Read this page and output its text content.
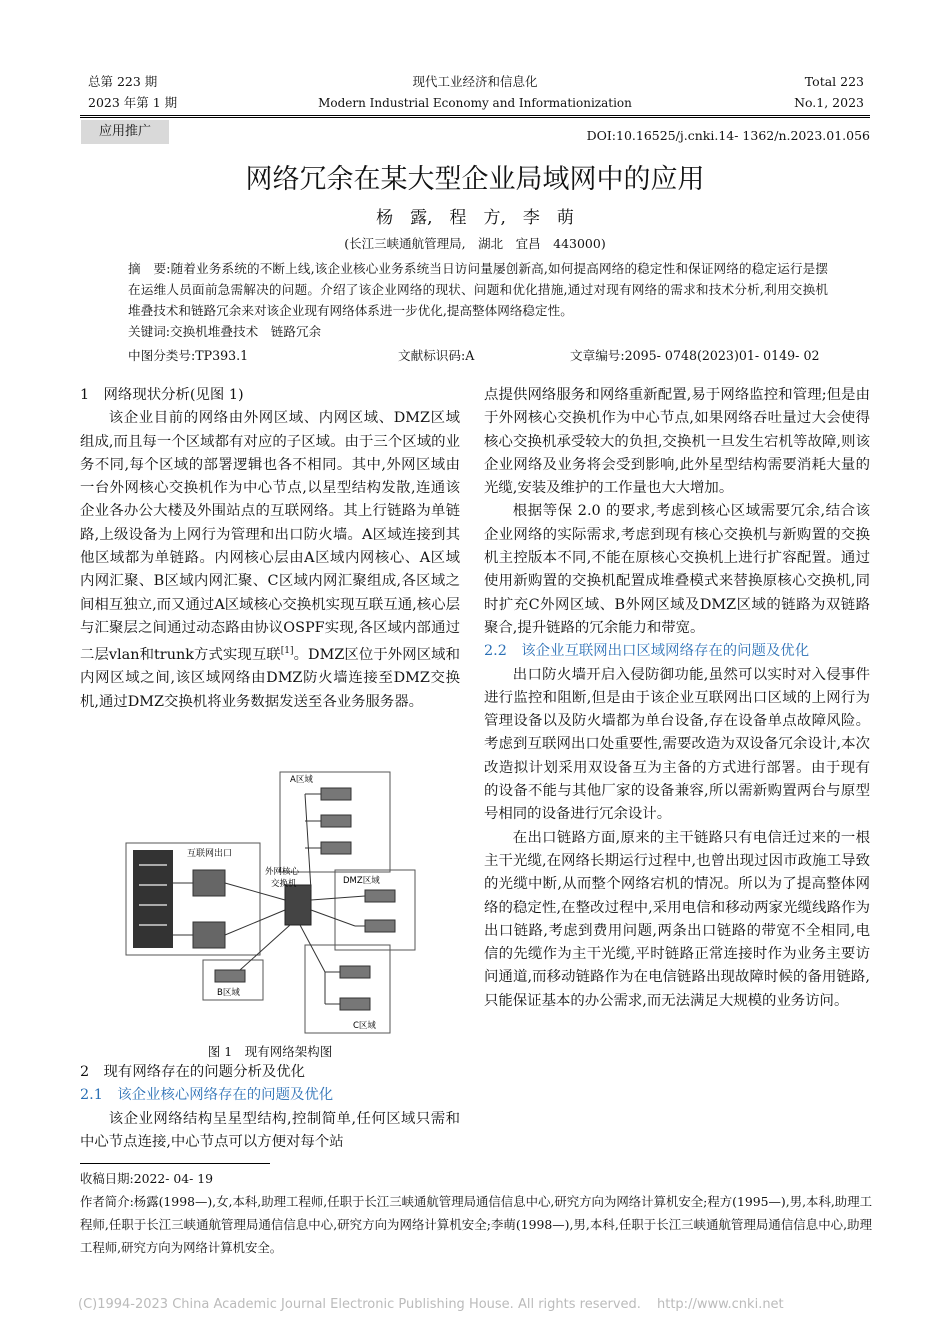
总第 223 期
2023 年第 1 期
现代工业经济和信息化
Modern Industrial Economy and Informationization
Total 223
No.1, 2023
应用推广	DOI:10.16525/j.cnki.14- 1362/n.2023.01.056
网络冗余在某大型企业局域网中的应用
杨　露,　程　方,　李　萌
(长江三峡通航管理局,　湖北　宜昌　443000)
摘　要:随着业务系统的不断上线,该企业核心业务系统当日访问量屡创新高,如何提高网络的稳定性和保证网络的稳定运行是摆在运维人员面前急需解决的问题。介绍了该企业网络的现状、问题和优化措施,通过对现有网络的需求和技术分析,利用交换机堆叠技术和链路冗余来对该企业现有网络体系进一步优化,提高整体网络稳定性。
关键词:交换机堆叠技术　链路冗余
中图分类号:TP393.1	文献标识码:A	文章编号:2095- 0748(2023)01- 0149- 02

1　网络现状分析(见图 1)

该企业目前的网络由外网区域、内网区域、DMZ区域组成,而且每一个区域都有对应的子区域。由于三个区域的业务不同,每个区域的部署逻辑也各不相同。其中,外网区域由一台外网核心交换机作为中心节点,以星型结构发散,连通该企业各办公大楼及外围站点的互联网络。其上行链路为单链路,上级设备为上网行为管理和出口防火墙。A区域连接到其他区域都为单链路。内网核心层由A区域内网核心、A区域内网汇聚、B区域内网汇聚、C区域内网汇聚组成,各区域之间相互独立,而又通过A区域核心交换机实现互联互通,核心层与汇聚层之间通过动态路由协议OSPF实现,各区域内部通过二层vlan和trunk方式实现互联[1]。DMZ区位于外网区域和内网区域之间,该区域网络由DMZ防火墙连接至DMZ交换机,通过DMZ交换机将业务数据发送至各业务服务器。

互联网出口
外网核心
交换机
A区域
DMZ区域
B区域
C区域
图 1　现有网络架构图

2　现有网络存在的问题分析及优化

2.1　该企业核心网络存在的问题及优化

该企业网络结构呈星型结构,控制简单,任何区域只需和中心节点连接,中心节点可以方便对每个站

点提供网络服务和网络重新配置,易于网络监控和管理;但是由于外网核心交换机作为中心节点,如果网络吞吐量过大会使得核心交换机承受较大的负担,交换机一旦发生宕机等故障,则该企业网络及业务将会受到影响,此外星型结构需要消耗大量的光缆,安装及维护的工作量也大大增加。

根据等保 2.0 的要求,考虑到核心区域需要冗余,结合该企业网络的实际需求,考虑到现有核心交换机与新购置的交换机主控版本不同,不能在原核心交换机上进行扩容配置。通过使用新购置的交换机配置成堆叠模式来替换原核心交换机,同时扩充C外网区域、B外网区域及DMZ区域的链路为双链路聚合,提升链路的冗余能力和带宽。

2.2　该企业互联网出口区域网络存在的问题及优化

出口防火墙开启入侵防御功能,虽然可以实时对入侵事件进行监控和阻断,但是由于该企业互联网出口区域的上网行为管理设备以及防火墙都为单台设备,存在设备单点故障风险。考虑到互联网出口处重要性,需要改造为双设备冗余设计,本次改造拟计划采用双设备互为主备的方式进行部署。由于现有的设备不能与其他厂家的设备兼容,所以需新购置两台与原型号相同的设备进行冗余设计。

在出口链路方面,原来的主干链路只有电信迁过来的一根主干光缆,在网络长期运行过程中,也曾出现过因市政施工导致的光缆中断,从而整个网络宕机的情况。所以为了提高整体网络的稳定性,在整改过程中,采用电信和移动两家光缆线路作为出口链路,考虑到费用问题,两条出口链路的带宽不全相同,电信的先缆作为主干光缆,平时链路正常连接时作为业务主要访问通道,而移动链路作为在电信链路出现故障时候的备用链路,只能保证基本的办公需求,而无法满足大规模的业务访问。

收稿日期:2022- 04- 19
作者简介:杨露(1998—),女,本科,助理工程师,任职于长江三峡通航管理局通信信息中心,研究方向为网络计算机安全;程方(1995—),男,本科,助理工程师,任职于长江三峡通航管理局通信信息中心,研究方向为网络计算机安全;李萌(1998—),男,本科,任职于长江三峡通航管理局通信信息中心,助理工程师,研究方向为网络计算机安全。
(C)1994-2023 China Academic Journal Electronic Publishing House. All rights reserved. http://www.cnki.net
